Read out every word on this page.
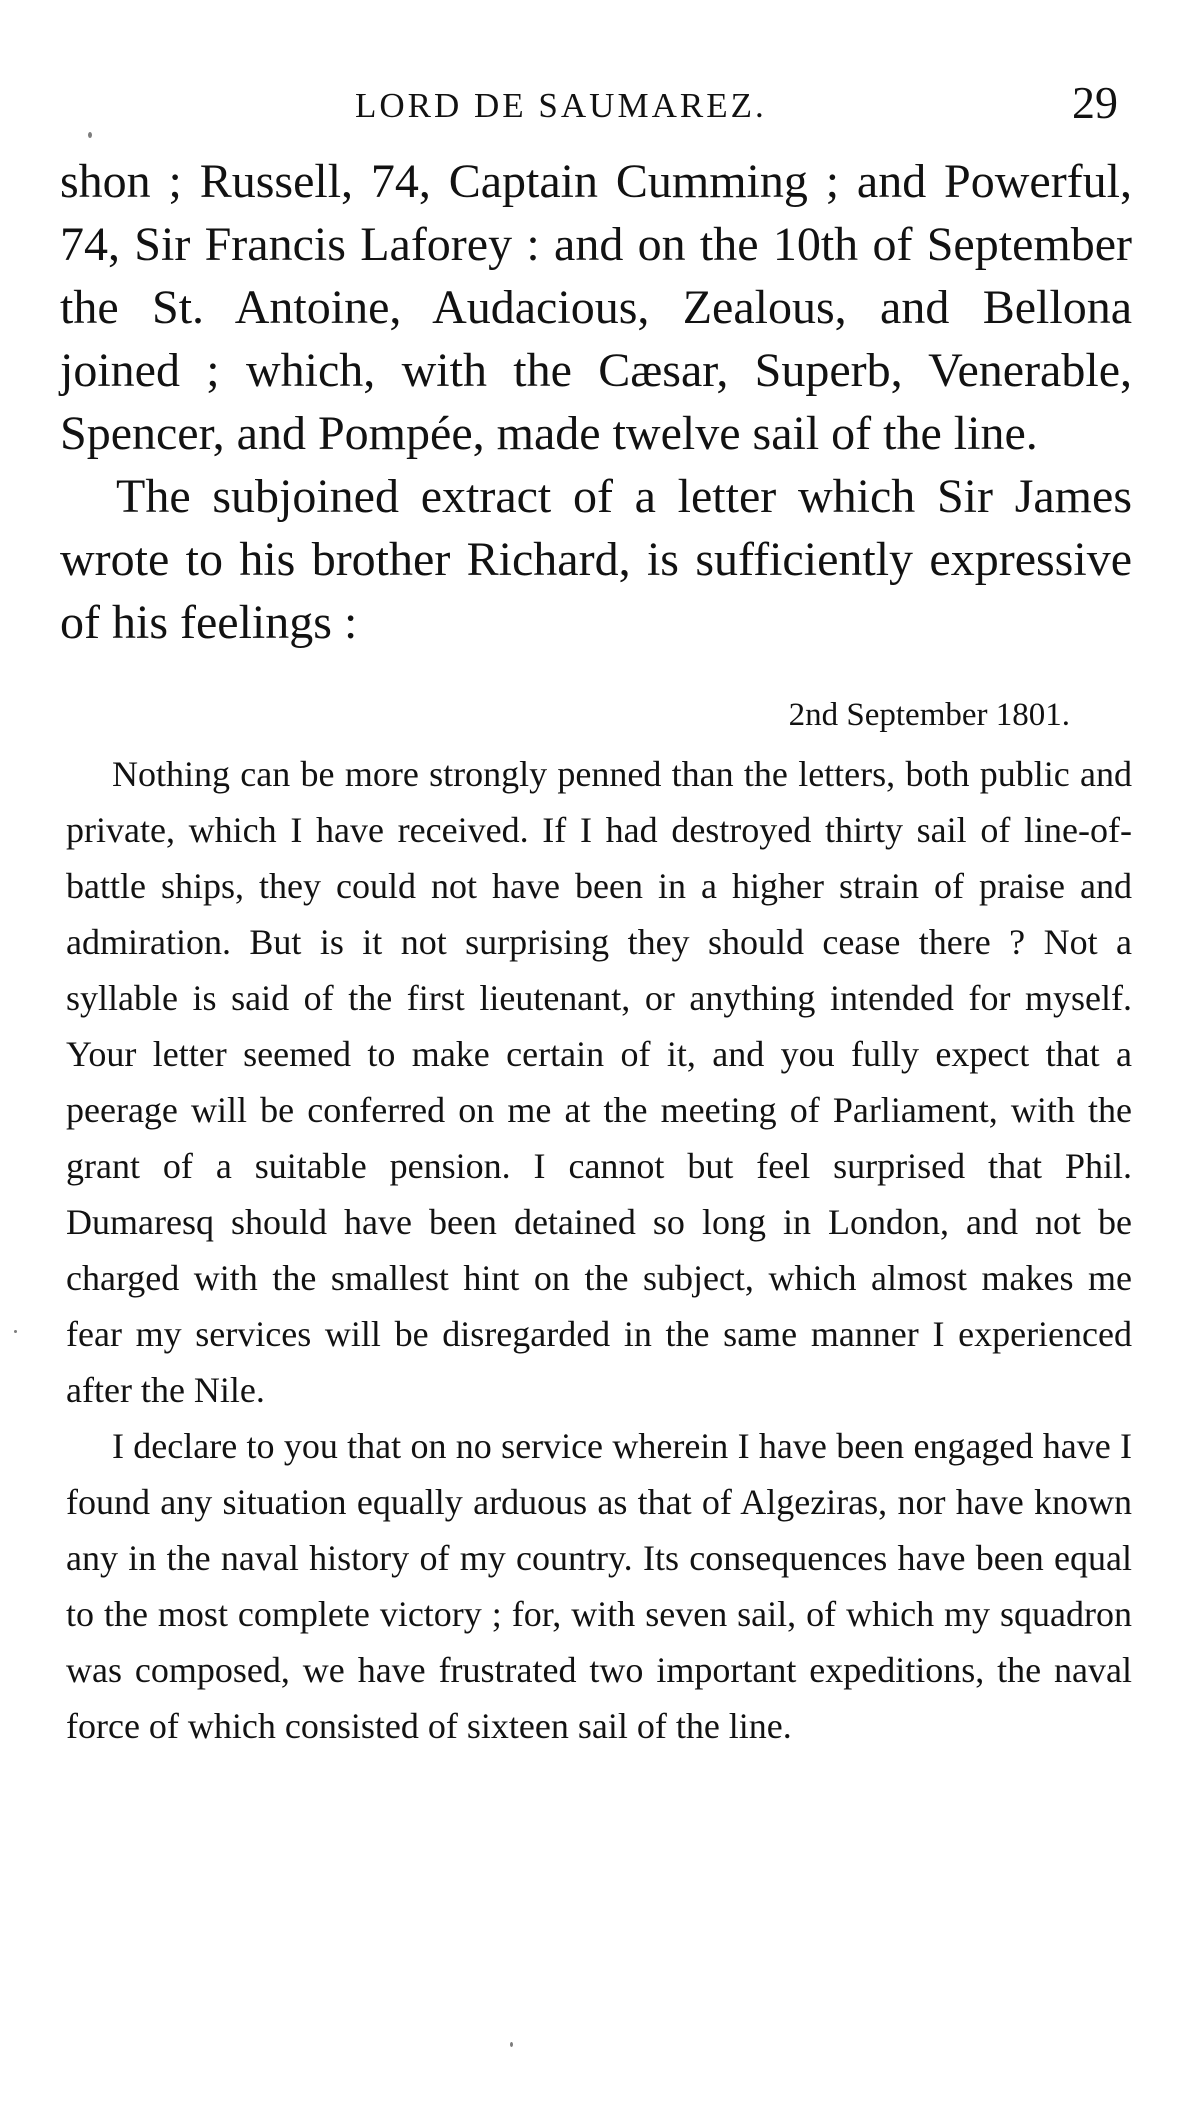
LORD DE SAUMAREZ.	29

shon ; Russell, 74, Captain Cumming ; and Powerful, 74, Sir Francis Laforey : and on the 10th of September the St. Antoine, Audacious, Zealous, and Bellona joined ; which, with the Cæsar, Superb, Venerable, Spencer, and Pompée, made twelve sail of the line.

The subjoined extract of a letter which Sir James wrote to his brother Richard, is sufficiently expressive of his feelings :

2nd September 1801.

Nothing can be more strongly penned than the letters, both public and private, which I have received. If I had destroyed thirty sail of line-of-battle ships, they could not have been in a higher strain of praise and admiration. But is it not surprising they should cease there ? Not a syllable is said of the first lieutenant, or anything intended for myself. Your letter seemed to make certain of it, and you fully expect that a peerage will be conferred on me at the meeting of Parliament, with the grant of a suitable pension. I cannot but feel surprised that Phil. Dumaresq should have been detained so long in London, and not be charged with the smallest hint on the subject, which almost makes me fear my services will be disregarded in the same manner I experienced after the Nile.

I declare to you that on no service wherein I have been engaged have I found any situation equally arduous as that of Algeziras, nor have known any in the naval history of my country. Its consequences have been equal to the most complete victory ; for, with seven sail, of which my squadron was composed, we have frustrated two important expeditions, the naval force of which consisted of sixteen sail of the line.
